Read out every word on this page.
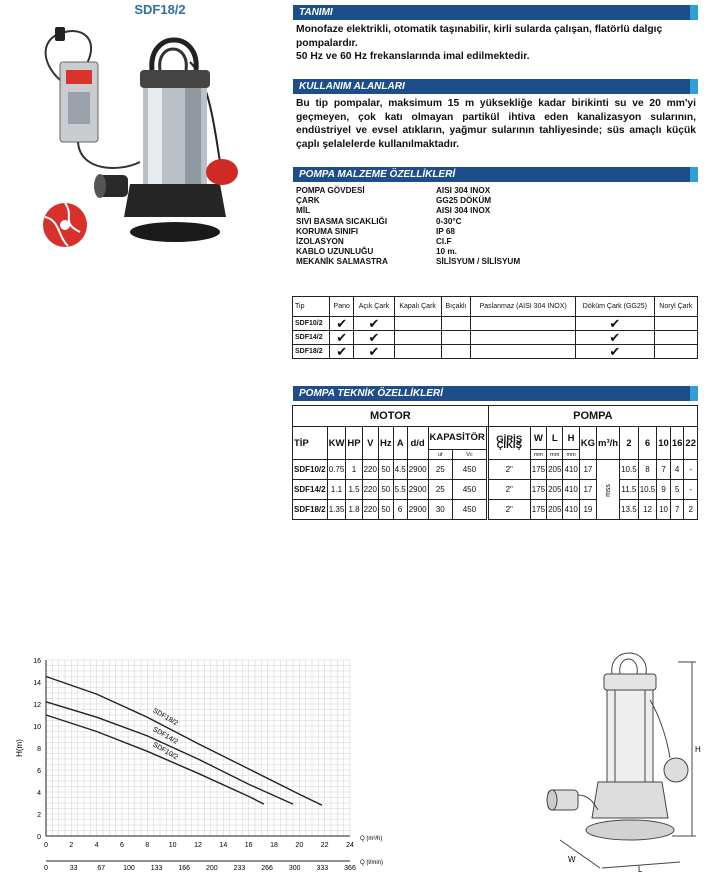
SDF18/2	TANIMI
Monofaze elektrikli, otomatik taşınabilir, kirli sularda çalışan, flatörlü dalgıç pompalardır.
50 Hz ve 60 Hz frekanslarında imal edilmektedir.
KULLANIM ALANLARI
Bu tip pompalar, maksimum 15 m yüksekliğe kadar birikinti su ve 20 mm'yi geçmeyen, çok katı olmayan partikül ihtiva eden kanalizasyon sularının, endüstriyel ve evsel atıkların, yağmur sularının tahliyesinde; süs amaçlı küçük çaplı şelalelerde kullanılmaktadır.
POMPA MALZEME ÖZELLİKLERİ
POMPA GÖVDESİ	AISI 304 INOX
ÇARK	GG25 DÖKÜM
MİL	AISI 304 INOX
SIVI BASMA SICAKLIĞI	0-30°C
KORUMA SINIFI	IP 68
İZOLASYON	Cl.F
KABLO UZUNLUĞU	10 m.
MEKANİK SALMASTRA	SİLİSYUM / SİLİSYUM
Tip	Pano	Açık Çark	Kapalı Çark	Bıçaklı	Paslanmaz (AISI 304 INOX)	Döküm Çark (GG25)	Noryl Çark
SDF10/2	✔	✔				✔	
SDF14/2	✔	✔				✔	
SDF18/2	✔	✔				✔	
POMPA TEKNİK ÖZELLİKLERİ
MOTOR										POMPA										
TİP	KW	HP	V	Hz	A	d/d	KAPASİTÖR			GİRİŞ ÇIKIŞ	W	L	H	KG	m³/h	2	6	10	16	22
							uf	Vc			mm	mm	mm							
SDF10/2	0.75	1	220	50	4.5	2900	25	450		2"	175	205	410	17	mss	10.5	8	7	4	-
SDF14/2	1.1	1.5	220	50	5.5	2900	25	450		2"	175	205	410	17		11.5	10.5	9	5	-
SDF18/2	1.35	1.8	220	50	6	2900	30	450		2"	175	205	410	19		13.5	12	10	7	2
0	2	4	6	8	10	12	14	16	18	20	22	24
0	33	67	100 133 166 200 233 266 300 333 366
0
2
4
6
8
10
12
14
16
H(m)
Q (m³/h)
Q (l/min)
SDF18/2
SDF14/2
SDF10/2	H
W
L
